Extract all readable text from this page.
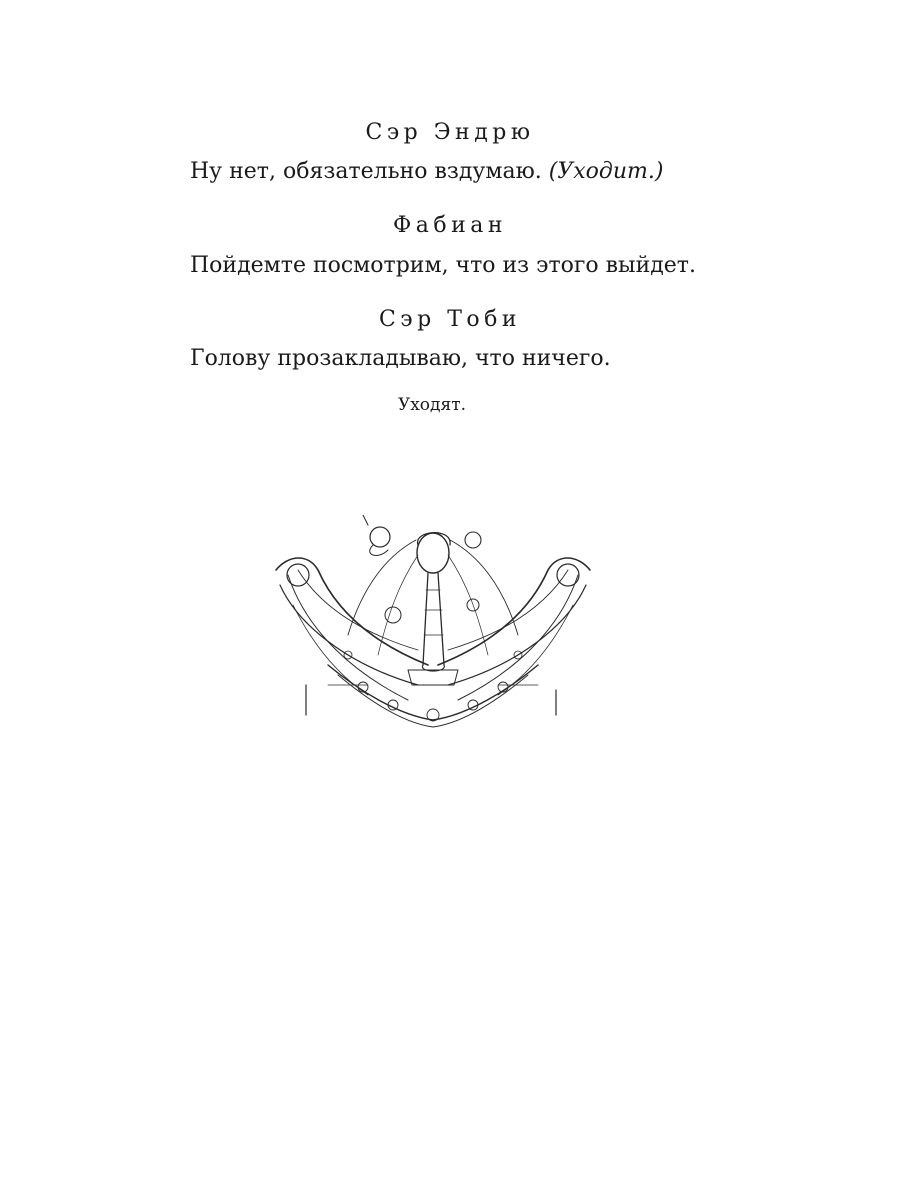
Сэр Эндрю
Ну нет, обязательно вздумаю. (Уходит.)
Фабиан
Пойдемте посмотрим, что из этого выйдет.
Сэр Тоби
Голову прозакладываю, что ничего.
Уходят.
